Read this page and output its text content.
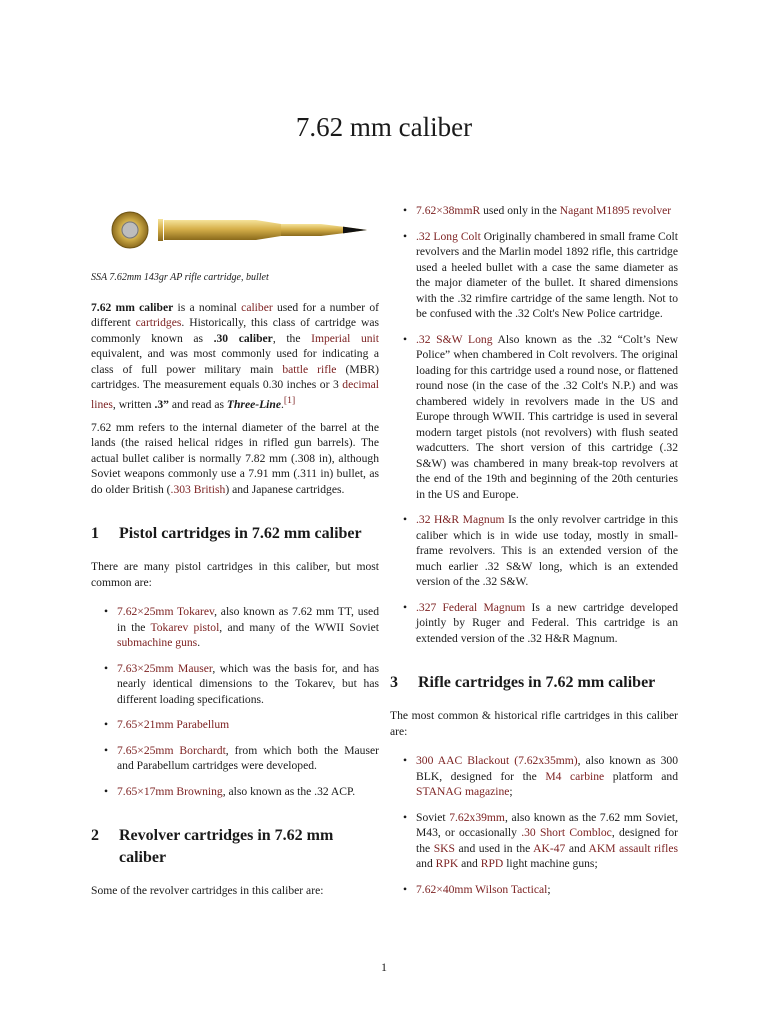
7.62 mm caliber
SSA 7.62mm 143gr AP rifle cartridge, bullet

7.62 mm caliber is a nominal caliber used for a number of different cartridges. Historically, this class of cartridge was commonly known as .30 caliber, the Imperial unit equivalent, and was most commonly used for indicating a class of full power military main battle rifle (MBR) cartridges. The measurement equals 0.30 inches or 3 decimal lines, written .3” and read as Three-Line.[1]

7.62 mm refers to the internal diameter of the barrel at the lands (the raised helical ridges in rifled gun barrels). The actual bullet caliber is normally 7.82 mm (.308 in), although Soviet weapons commonly use a 7.91 mm (.311 in) bullet, as do older British (.303 British) and Japanese cartridges.

1	Pistol cartridges in 7.62 mm caliber

There are many pistol cartridges in this caliber, but most common are:

• 7.62×25mm Tokarev, also known as 7.62 mm TT, used in the Tokarev pistol, and many of the WWII Soviet submachine guns.
• 7.63×25mm Mauser, which was the basis for, and has nearly identical dimensions to the Tokarev, but has different loading specifications.
• 7.65×21mm Parabellum
• 7.65×25mm Borchardt, from which both the Mauser and Parabellum cartridges were developed.
• 7.65×17mm Browning, also known as the .32 ACP.
2	Revolver cartridges in 7.62 mm caliber

Some of the revolver cartridges in this caliber are:

• 7.62×38mmR used only in the Nagant M1895 revolver
• .32 Long Colt Originally chambered in small frame Colt revolvers and the Marlin model 1892 rifle, this cartridge used a heeled bullet with a case the same diameter as the major diameter of the bullet. It shared dimensions with the .32 rimfire cartridge of the same length. Not to be confused with the .32 Colt's New Police cartridge.
• .32 S&W Long Also known as the .32 “Colt’s New Police” when chambered in Colt revolvers. The original loading for this cartridge used a round nose, or flattened round nose (in the case of the .32 Colt's N.P.) and was chambered widely in revolvers made in the US and Europe through WWII. This cartridge is used in several modern target pistols (not revolvers) with flush seated wadcutters. The short version of this cartridge (.32 S&W) was chambered in many break-top revolvers at the end of the 19th and beginning of the 20th centuries in the US and Europe.
• .32 H&R Magnum Is the only revolver cartridge in this caliber which is in wide use today, mostly in small-frame revolvers. This is an extended version of the much earlier .32 S&W long, which is an extended version of the .32 S&W.
• .327 Federal Magnum Is a new cartridge developed jointly by Ruger and Federal. This cartridge is an extended version of the .32 H&R Magnum.
3	Rifle cartridges in 7.62 mm caliber

The most common & historical rifle cartridges in this caliber are:

• 300 AAC Blackout (7.62x35mm), also known as 300 BLK, designed for the M4 carbine platform and STANAG magazine;
• Soviet 7.62x39mm, also known as the 7.62 mm Soviet, M43, or occasionally .30 Short Combloc, designed for the SKS and used in the AK-47 and AKM assault rifles and RPK and RPD light machine guns;
• 7.62×40mm Wilson Tactical;
1
